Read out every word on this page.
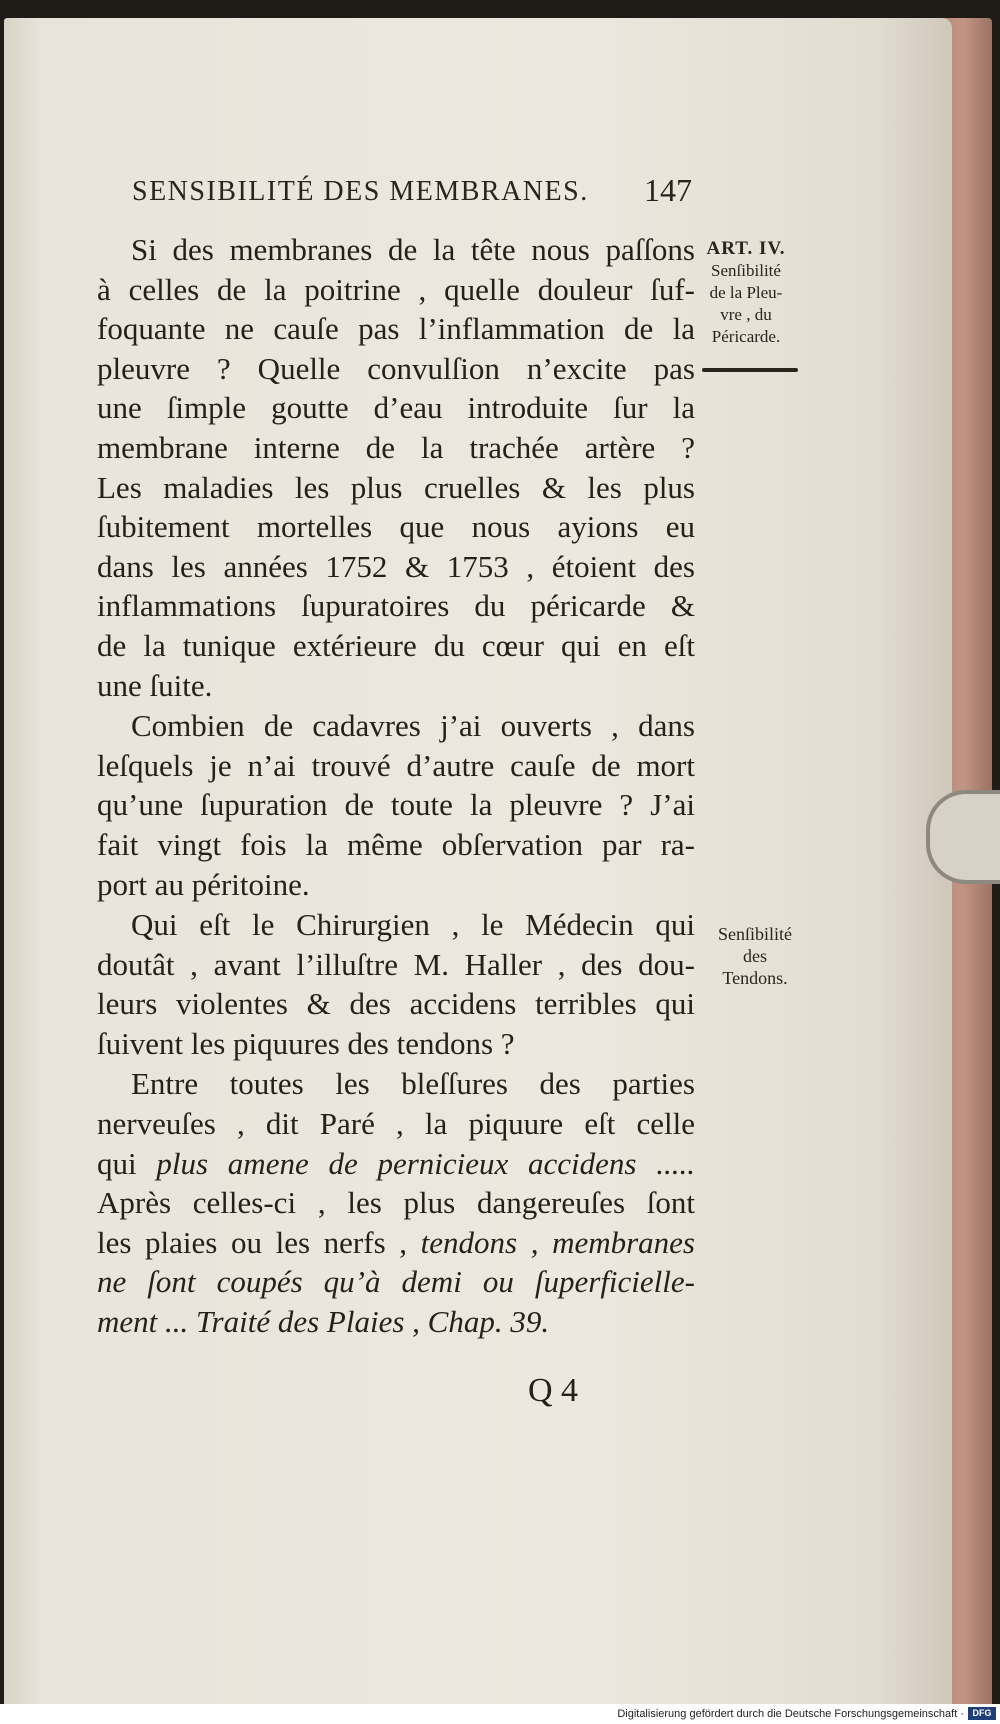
SENSIBILITÉ DES MEMBRANES. 147
ART. IV.
Senſibilité
de la Pleu-
vre , du
Péricarde.
Senſibilité
des
Tendons.

Si des membranes de la tête nous paſſons
à celles de la poitrine , quelle douleur ſuf-
foquante ne cauſe pas l’inflammation de la
pleuvre ? Quelle convulſion n’excite pas
une ſimple goutte d’eau introduite ſur la
membrane interne de la trachée artère ?
Les maladies les plus cruelles & les plus
ſubitement mortelles que nous ayions eu
dans les années 1752 & 1753 , étoient des
inflammations ſupuratoires du péricarde &
de la tunique extérieure du cœur qui en eſt
une ſuite.

Combien de cadavres j’ai ouverts , dans
leſquels je n’ai trouvé d’autre cauſe de mort
qu’une ſupuration de toute la pleuvre ? J’ai
fait vingt fois la même obſervation par ra-
port au péritoine.

Qui eſt le Chirurgien , le Médecin qui
doutât , avant l’illuſtre M. Haller , des dou-
leurs violentes & des accidens terribles qui
ſuivent les piquures des tendons ?

Entre toutes les bleſſures des parties
nerveuſes , dit Paré , la piquure eſt celle
qui plus amene de pernicieux accidens .....
Après celles-ci , les plus dangereuſes ſont
les plaies ou les nerfs , tendons , membranes
ne ſont coupés qu’à demi ou ſuperficielle-
ment ... Traité des Plaies , Chap. 39.

Q 4
Digitalisierung gefördert durch die Deutsche Forschungsgemeinschaft · DFG
